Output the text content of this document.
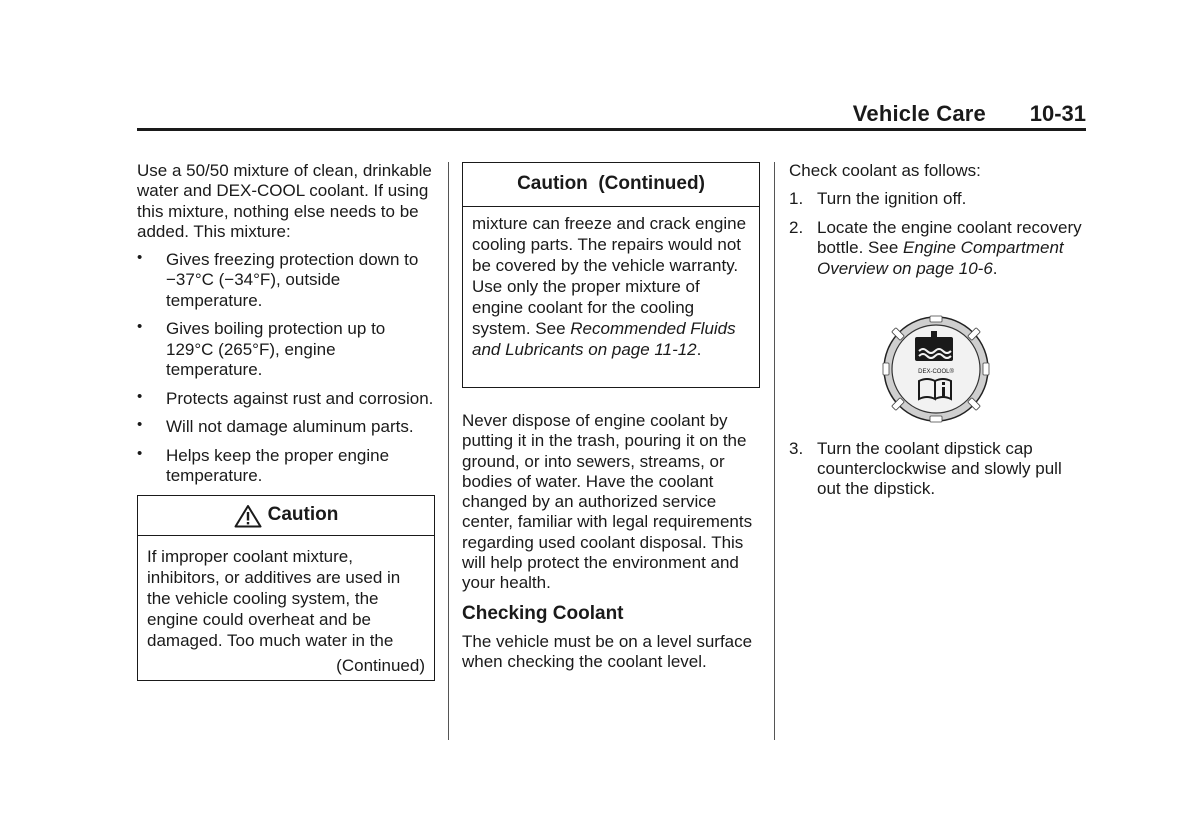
Vehicle Care 10-31

Use a 50/50 mixture of clean, drinkable water and DEX-COOL coolant. If using this mixture, nothing else needs to be added. This mixture:

• Gives freezing protection down to −37°C (−34°F), outside temperature.
• Gives boiling protection up to 129°C (265°F), engine temperature.
• Protects against rust and corrosion.
• Will not damage aluminum parts.
• Helps keep the proper engine temperature.
Caution
If improper coolant mixture, inhibitors, or additives are used in the vehicle cooling system, the engine could overheat and be damaged. Too much water in the
(Continued)
Caution  (Continued)
mixture can freeze and crack engine cooling parts. The repairs would not be covered by the vehicle warranty. Use only the proper mixture of engine coolant for the cooling system. See Recommended Fluids and Lubricants on page 11-12.

Never dispose of engine coolant by putting it in the trash, pouring it on the ground, or into sewers, streams, or bodies of water. Have the coolant changed by an authorized service center, familiar with legal requirements regarding used coolant disposal. This will help protect the environment and your health.

Checking Coolant

The vehicle must be on a level surface when checking the coolant level.

Check coolant as follows:

1. Turn the ignition off.
2. Locate the engine coolant recovery bottle. See Engine Compartment Overview on page 10-6.
DEX-COOL®
3. Turn the coolant dipstick cap counterclockwise and slowly pull out the dipstick.
